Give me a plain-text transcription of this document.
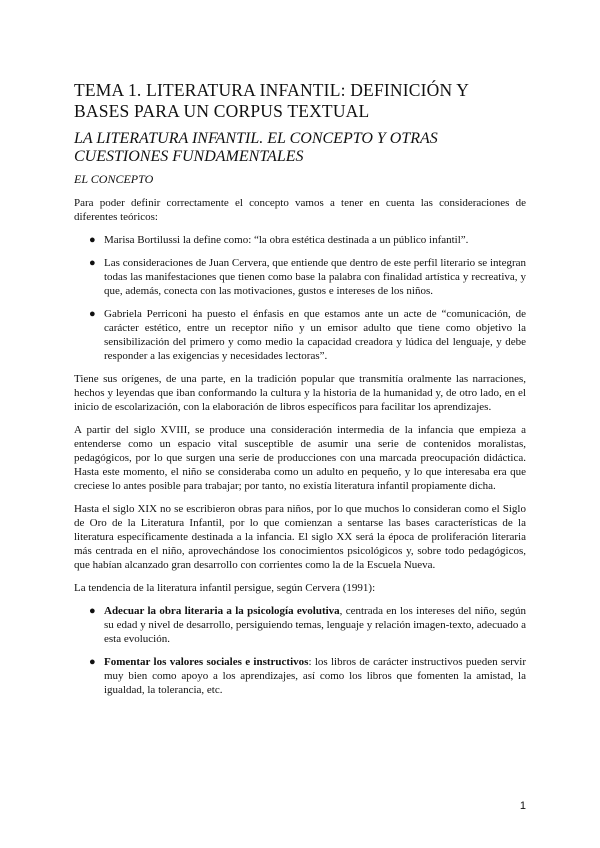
TEMA 1. LITERATURA INFANTIL: DEFINICIÓN Y BASES PARA UN CORPUS TEXTUAL
LA LITERATURA INFANTIL. EL CONCEPTO Y OTRAS CUESTIONES FUNDAMENTALES
EL CONCEPTO

Para poder definir correctamente el concepto vamos a tener en cuenta las consideraciones de diferentes teóricos:

● Marisa Bortilussi la define como: “la obra estética destinada a un público infantil”.
● Las consideraciones de Juan Cervera, que entiende que dentro de este perfil literario se integran todas las manifestaciones que tienen como base la palabra con finalidad artística y recreativa, y que, además, conecta con las motivaciones, gustos e intereses de los niños.
● Gabriela Perriconi ha puesto el énfasis en que estamos ante un acte de “comunicación, de carácter estético, entre un receptor niño y un emisor adulto que tiene como objetivo la sensibilización del primero y como medio la capacidad creadora y lúdica del lenguaje, y debe responder a las exigencias y necesidades lectoras”.

Tiene sus orígenes, de una parte, en la tradición popular que transmitía oralmente las narraciones, hechos y leyendas que iban conformando la cultura y la historia de la humanidad y, de otro lado, en el inicio de escolarización, con la elaboración de libros específicos para facilitar los aprendizajes.

A partir del siglo XVIII, se produce una consideración intermedia de la infancia que empieza a entenderse como un espacio vital susceptible de asumir una serie de contenidos moralistas, pedagógicos, por lo que surgen una serie de producciones con una marcada preocupación didáctica. Hasta este momento, el niño se consideraba como un adulto en pequeño, y lo que interesaba era que creciese lo antes posible para trabajar; por tanto, no existía literatura infantil propiamente dicha.

Hasta el siglo XIX no se escribieron obras para niños, por lo que muchos lo consideran como el Siglo de Oro de la Literatura Infantil, por lo que comienzan a sentarse las bases características de la literatura específicamente destinada a la infancia. El siglo XX será la época de proliferación literaria más centrada en el niño, aprovechándose los conocimientos psicológicos y, sobre todo pedagógicos, que habían alcanzado gran desarrollo con corrientes como la de la Escuela Nueva.

La tendencia de la literatura infantil persigue, según Cervera (1991):

● Adecuar la obra literaria a la psicología evolutiva, centrada en los intereses del niño, según su edad y nivel de desarrollo, persiguiendo temas, lenguaje y relación imagen-texto, adecuado a esta evolución.
● Fomentar los valores sociales e instructivos: los libros de carácter instructivos pueden servir muy bien como apoyo a los aprendizajes, así como los libros que fomenten la amistad, la igualdad, la tolerancia, etc.
1
